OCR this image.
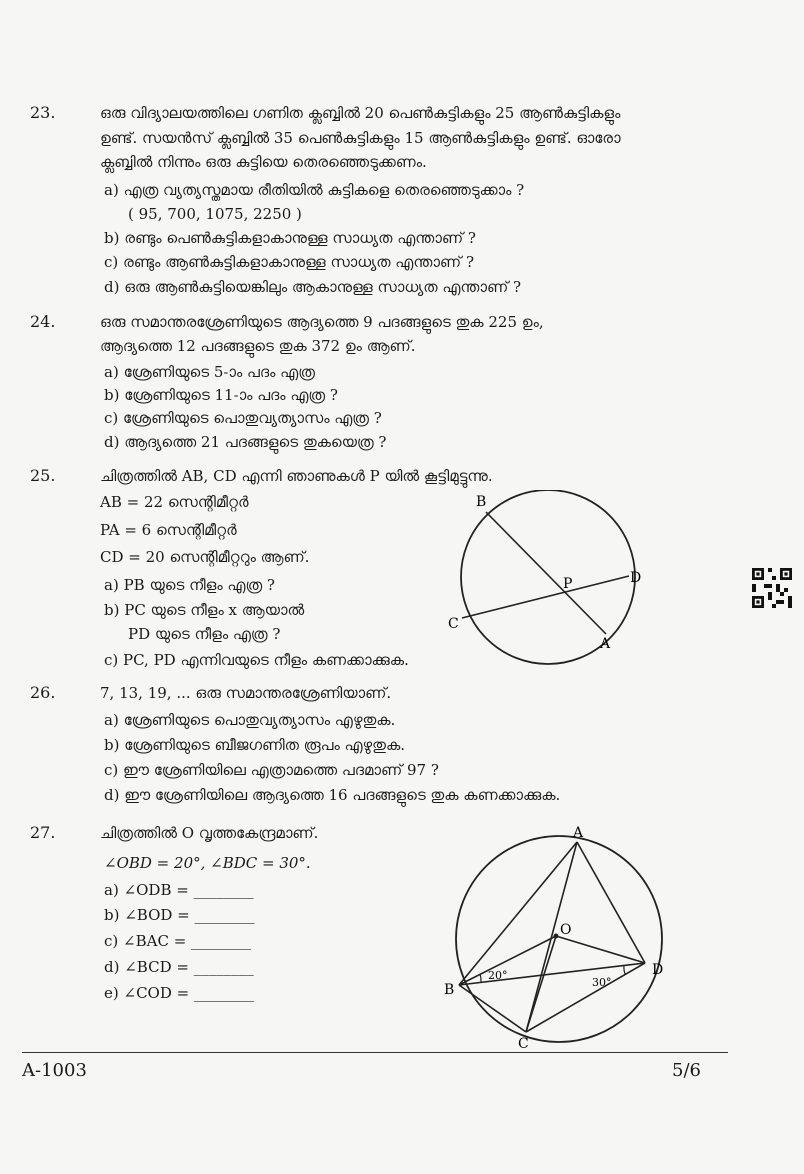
23.	ഒരു വിദ്യാലയത്തിലെ ഗണിത ക്ലബ്ബിൽ 20 പെൺകുട്ടികളും 25 ആൺകുട്ടികളും
ഉണ്ട്. സയൻസ് ക്ലബ്ബിൽ 35 പെൺകുട്ടികളും 15 ആൺകുട്ടികളും ഉണ്ട്. ഓരോ
ക്ലബ്ബിൽ നിന്നും ഒരു കുട്ടിയെ തെരഞ്ഞെടുക്കണം.
a) എത്ര വ്യത്യസ്തമായ രീതിയിൽ കുട്ടികളെ തെരഞ്ഞെടുക്കാം ?
( 95, 700, 1075, 2250 )
b) രണ്ടും പെൺകുട്ടികളാകാനുള്ള സാധ്യത എന്താണ് ?
c) രണ്ടും ആൺകുട്ടികളാകാനുള്ള സാധ്യത എന്താണ് ?
d) ഒരു ആൺകുട്ടിയെങ്കിലും ആകാനുള്ള സാധ്യത എന്താണ് ?
24.	ഒരു സമാന്തരശ്രേണിയുടെ ആദ്യത്തെ 9 പദങ്ങളുടെ തുക 225 ഉം,
ആദ്യത്തെ 12 പദങ്ങളുടെ തുക 372 ഉം ആണ്.
a) ശ്രേണിയുടെ 5-ാം പദം എത്ര
b) ശ്രേണിയുടെ 11-ാം പദം എത്ര ?
c) ശ്രേണിയുടെ പൊതുവ്യത്യാസം എത്ര ?
d) ആദ്യത്തെ 21 പദങ്ങളുടെ തുകയെത്ര ?
25.	ചിത്രത്തിൽ AB, CD എന്നി ഞാണുകൾ P യിൽ കൂട്ടിമുട്ടുന്നു.
AB = 22 സെന്റിമീറ്റർ
PA = 6 സെന്റിമീറ്റർ
CD = 20 സെന്റിമീറ്ററും ആണ്.
a) PB യുടെ നീളം എത്ര ?
b) PC യുടെ നീളം x ആയാൽ
PD യുടെ നീളം എത്ര ?
c) PC, PD എന്നിവയുടെ നീളം കണക്കാക്കുക.
B
A
C
D
P
26.	7, 13, 19, ... ഒരു സമാന്തരശ്രേണിയാണ്.
a) ശ്രേണിയുടെ പൊതുവ്യത്യാസം എഴുതുക.
b) ശ്രേണിയുടെ ബീജഗണിത രൂപം എഴുതുക.
c) ഈ ശ്രേണിയിലെ എത്രാമത്തെ പദമാണ് 97 ?
d) ഈ ശ്രേണിയിലെ ആദ്യത്തെ 16 പദങ്ങളുടെ തുക കണക്കാക്കുക.
27.	ചിത്രത്തിൽ O വൃത്തകേന്ദ്രമാണ്.
∠OBD = 20°, ∠BDC = 30°.
a) ∠ODB = ________
b) ∠BOD = ________
c) ∠BAC = ________
d) ∠BCD = ________
e) ∠COD = ________
A
O
B
D
C
20°
30°
A-1003	5/6
